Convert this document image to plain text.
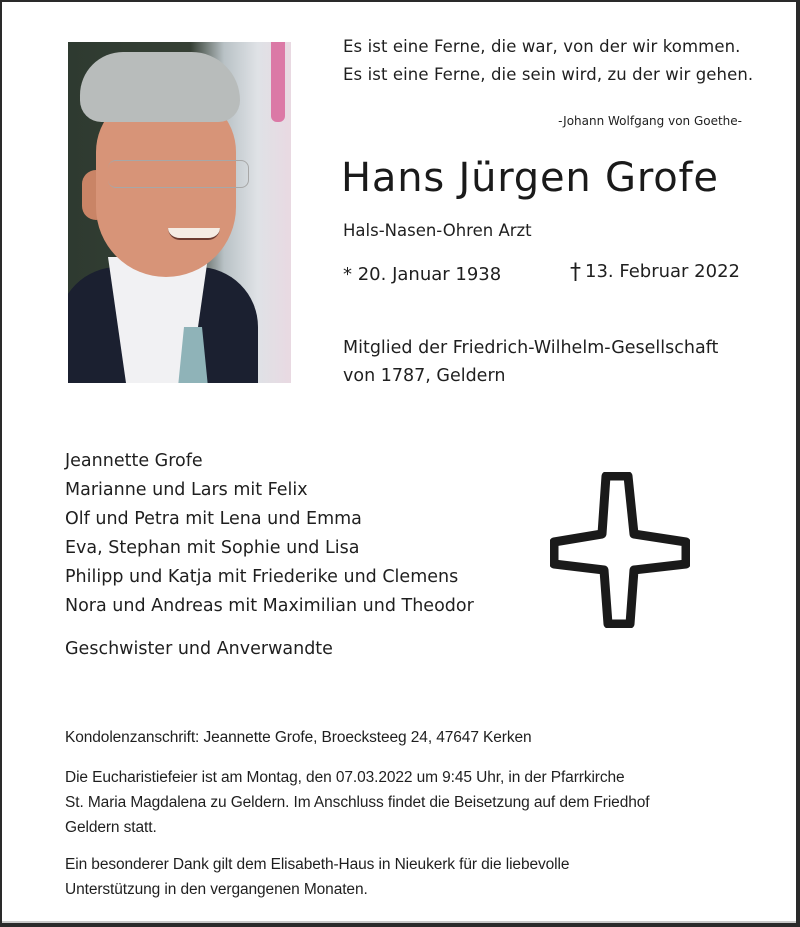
Es ist eine Ferne, die war, von der wir kommen.
Es ist eine Ferne, die sein wird, zu der wir gehen.
-Johann Wolfgang von Goethe-
Hans Jürgen Grofe
Hals-Nasen-Ohren Arzt
* 20. Januar 1938	† 13. Februar 2022
Mitglied der Friedrich-Wilhelm-Gesellschaft
von 1787, Geldern
Jeannette Grofe
Marianne und Lars mit Felix
Olf und Petra mit Lena und Emma
Eva, Stephan mit Sophie und Lisa
Philipp und Katja mit Friederike und Clemens
Nora und Andreas mit Maximilian und Theodor
Geschwister und Anverwandte
Kondolenzanschrift: Jeannette Grofe, Broecksteeg 24, 47647 Kerken
Die Eucharistiefeier ist am Montag, den 07.03.2022 um 9:45 Uhr, in der Pfarrkirche
St. Maria Magdalena zu Geldern. Im Anschluss findet die Beisetzung auf dem Friedhof
Geldern statt.
Ein besonderer Dank gilt dem Elisabeth-Haus in Nieukerk für die liebevolle
Unterstützung in den vergangenen Monaten.
